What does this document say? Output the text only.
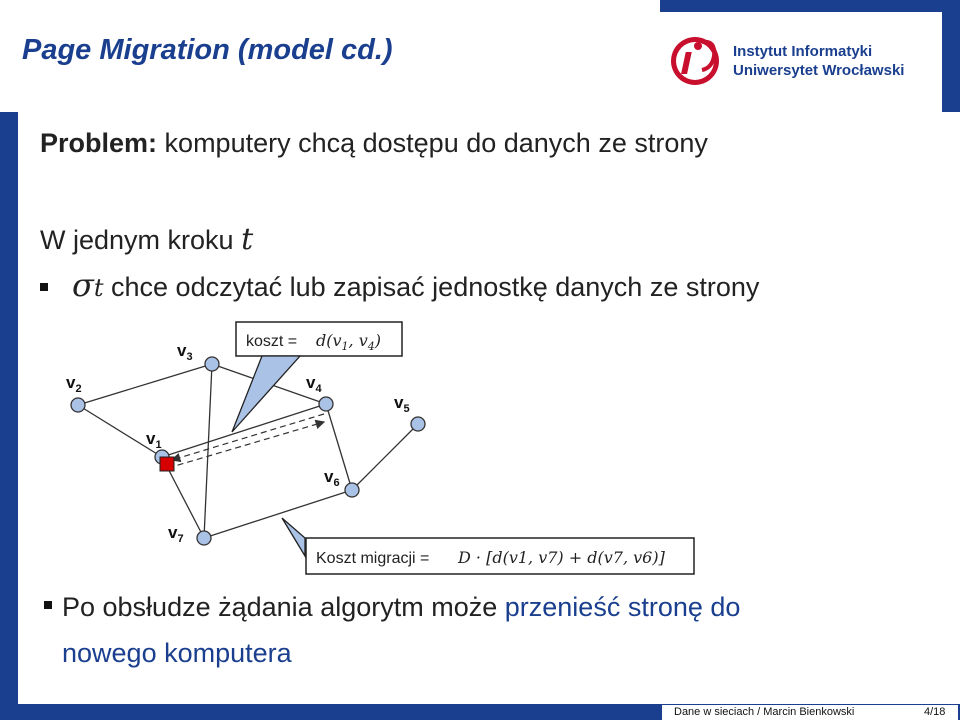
Page Migration (model cd.)	Instytut Informatyki
Uniwersytet Wrocławski
Problem: komputery chcą dostępu do danych ze strony
W jednym kroku t
σt chce odczytać lub zapisać jednostkę danych ze strony
koszt = $d(v_1$, $v_4$)
Koszt migracji = D · [d(v1, v7) + d(v7, v6)]
$v_1$
$v_2$
$v_3$
$v_4$
$v_5$
$v_6$
$v_7$
Po obsłudze żądania algorytm może przenieść stronę do
nowego komputera
Dane w sieciach / Marcin Bienkowski	4/18
